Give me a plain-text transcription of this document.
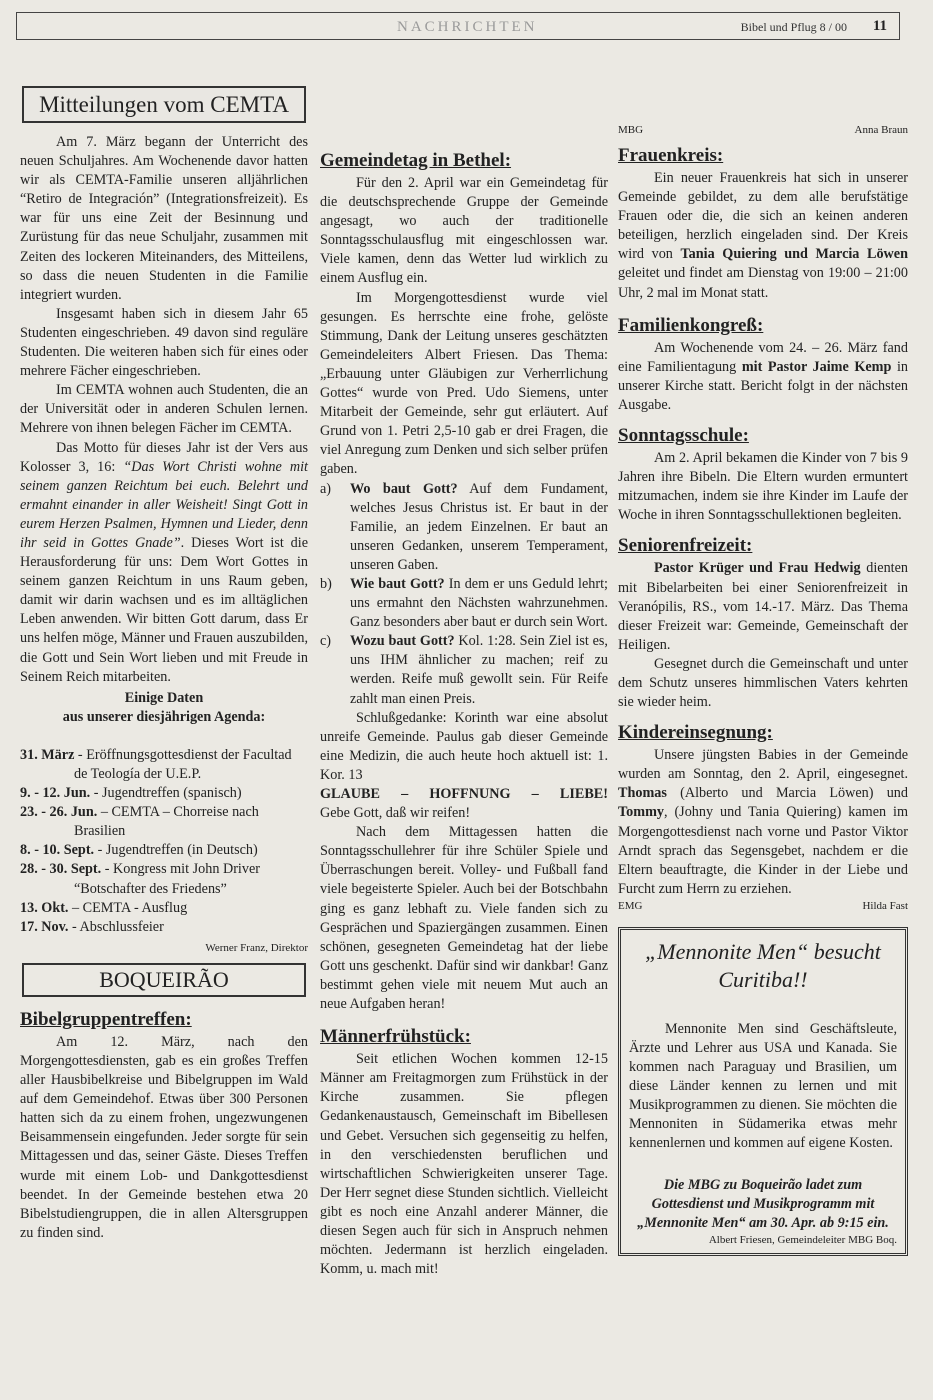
NACHRICHTEN	Bibel und Pflug 8 / 00 11
Mitteilungen vom CEMTA

Am 7. März begann der Unterricht des neuen Schuljahres. Am Wochenende davor hatten wir als CEMTA-Familie unseren alljährlichen “Retiro de Integración” (Integrationsfreizeit). Es war für uns eine Zeit der Besinnung und Zurüstung für das neue Schuljahr, zusammen mit Zeiten des lockeren Miteinanders, des Mitteilens, so dass die neuen Studenten in die Familie integriert wurden.

Insgesamt haben sich in diesem Jahr 65 Studenten eingeschrieben. 49 davon sind reguläre Studenten. Die weiteren haben sich für eines oder mehrere Fächer eingeschrieben.

Im CEMTA wohnen auch Studenten, die an der Universität oder in anderen Schulen lernen. Mehrere von ihnen belegen Fächer im CEMTA.

Das Motto für dieses Jahr ist der Vers aus Kolosser 3, 16: “Das Wort Christi wohne mit seinem ganzen Reichtum bei euch. Belehrt und ermahnt einander in aller Weisheit! Singt Gott in eurem Herzen Psalmen, Hymnen und Lieder, denn ihr seid in Gottes Gnade”. Dieses Wort ist die Herausforderung für uns: Dem Wort Gottes in seinem ganzen Reichtum in uns Raum geben, damit wir darin wachsen und es im alltäglichen Leben anwenden. Wir bitten Gott darum, dass Er uns helfen möge, Männer und Frauen auszubilden, die Gott und Sein Wort lieben und mit Freude in Seinem Reich mitarbeiten.

Einige Daten

aus unserer diesjährigen Agenda:

31. März - Eröffnungsgottesdienst der Facultad de Teología der U.E.P.
9. - 12. Jun. - Jugendtreffen (spanisch)
23. - 26. Jun. – CEMTA – Chorreise nach Brasilien
8. - 10. Sept. - Jugendtreffen (in Deutsch)
28. - 30. Sept. - Kongress mit John Driver “Botschafter des Friedens”
13. Okt. – CEMTA - Ausflug
17. Nov. - Abschlussfeier
Werner Franz, Direktor
BOQUEIRÃO
Bibelgruppentreffen:

Am 12. März, nach den Morgengottesdiensten, gab es ein großes Treffen aller Hausbibelkreise und Bibelgruppen im Wald auf dem Gemeindehof. Etwas über 300 Personen hatten sich da zu einem frohen, ungezwungenen Beisammensein eingefunden. Jeder sorgte für sein Mittagessen und das, seiner Gäste. Dieses Treffen wurde mit einem Lob- und Dankgottesdienst beendet. In der Gemeinde bestehen etwa 20 Bibelstudiengruppen, die in allen Altersgruppen zu finden sind.

Gemeindetag in Bethel:

Für den 2. April war ein Gemeindetag für die deutschsprechende Gruppe der Gemeinde angesagt, wo auch der traditionelle Sonntagsschulausflug mit eingeschlossen war. Viele kamen, denn das Wetter lud wirklich zu einem Ausflug ein.

Im Morgengottesdienst wurde viel gesungen. Es herrschte eine frohe, gelöste Stimmung, Dank der Leitung unseres geschätzten Gemeindeleiters Albert Friesen. Das Thema: „Erbauung unter Gläubigen zur Verherrlichung Gottes“ wurde von Pred. Udo Siemens, unter Mitarbeit der Gemeinde, sehr gut erläutert. Auf Grund von 1. Petri 2,5-10 gab er drei Fragen, die viel Anregung zum Denken und sich selber prüfen gaben.

a)	Wo baut Gott? Auf dem Fundament, welches Jesus Christus ist. Er baut in der Familie, an jedem Einzelnen. Er baut an unseren Gedanken, unserem Temperament, unseren Gaben.
b)	Wie baut Gott? In dem er uns Geduld lehrt; uns ermahnt den Nächsten wahrzunehmen. Ganz besonders aber baut er durch sein Wort.
c)	Wozu baut Gott? Kol. 1:28. Sein Ziel ist es, uns IHM ähnlicher zu machen; reif zu werden. Reife muß gewollt sein. Für Reife zahlt man einen Preis.

Schlußgedanke: Korinth war eine absolut unreife Gemeinde. Paulus gab dieser Gemeinde eine Medizin, die auch heute hoch aktuell ist: 1. Kor. 13

GLAUBE – HOFFNUNG – LIEBE!

Gebe Gott, daß wir reifen!

Nach dem Mittagessen hatten die Sonntagsschullehrer für ihre Schüler Spiele und Überraschungen bereit. Volley- und Fußball fand viele begeisterte Spieler. Auch bei der Botschbahn ging es ganz lebhaft zu. Viele fanden sich zu Gesprächen und Spaziergängen zusammen. Einen schönen, gesegneten Gemeindetag hat der liebe Gott uns geschenkt. Dafür sind wir dankbar! Ganz bestimmt gehen viele mit neuem Mut auch an neue Aufgaben heran!

Männerfrühstück:

Seit etlichen Wochen kommen 12-15 Männer am Freitagmorgen zum Frühstück in der Kirche zusammen. Sie pflegen Gedankenaustausch, Gemeinschaft im Bibellesen und Gebet. Versuchen sich gegenseitig zu helfen, in den verschiedensten beruflichen und wirtschaftlichen Schwierigkeiten unserer Tage. Der Herr segnet diese Stunden sichtlich. Vielleicht gibt es noch eine Anzahl anderer Männer, die diesen Segen auch für sich in Anspruch nehmen möchten. Jedermann ist herzlich eingeladen. Komm, u. mach mit!

MBG	Anna Braun
Frauenkreis:

Ein neuer Frauenkreis hat sich in unserer Gemeinde gebildet, zu dem alle berufstätige Frauen oder die, die sich an keinen anderen beteiligen, herzlich eingeladen sind. Der Kreis wird von Tania Quiering und Marcia Löwen geleitet und findet am Dienstag von 19:00 – 21:00 Uhr, 2 mal im Monat statt.

Familienkongreß:

Am Wochenende vom 24. – 26. März fand eine Familientagung mit Pastor Jaime Kemp in unserer Kirche statt. Bericht folgt in der nächsten Ausgabe.

Sonntagsschule:

Am 2. April bekamen die Kinder von 7 bis 9 Jahren ihre Bibeln. Die Eltern wurden ermuntert mitzumachen, indem sie ihre Kinder im Laufe der Woche in ihren Sonntagsschullektionen begleiten.

Seniorenfreizeit:

Pastor Krüger und Frau Hedwig dienten mit Bibelarbeiten bei einer Seniorenfreizeit in Veranópilis, RS., vom 14.-17. März. Das Thema dieser Freizeit war: Gemeinde, Gemeinschaft der Heiligen.

Gesegnet durch die Gemeinschaft und unter dem Schutz unseres himmlischen Vaters kehrten sie wieder heim.

Kindereinsegnung:

Unsere jüngsten Babies in der Gemeinde wurden am Sonntag, den 2. April, eingesegnet. Thomas (Alberto und Marcia Löwen) und Tommy, (Johny und Tania Quiering) kamen im Morgengottesdienst nach vorne und Pastor Viktor Arndt sprach das Segensgebet, nachdem er die Eltern beauftragte, die Kinder in der Liebe und Furcht zum Herrn zu erziehen.

EMG	Hilda Fast
„Mennonite Men“ besucht Curitiba!!

Mennonite Men sind Geschäftsleute, Ärzte und Lehrer aus USA und Kanada. Sie kommen nach Paraguay und Brasilien, um diese Länder kennen zu lernen und mit Musikprogrammen zu dienen. Sie möchten die Mennoniten in Südamerika etwas mehr kennenlernen und kommen auf eigene Kosten.

Die MBG zu Boqueirão ladet zum Gottesdienst und Musikprogramm mit „Mennonite Men“ am 30. Apr. ab 9:15 ein.

Albert Friesen, Gemeindeleiter MBG Boq.
